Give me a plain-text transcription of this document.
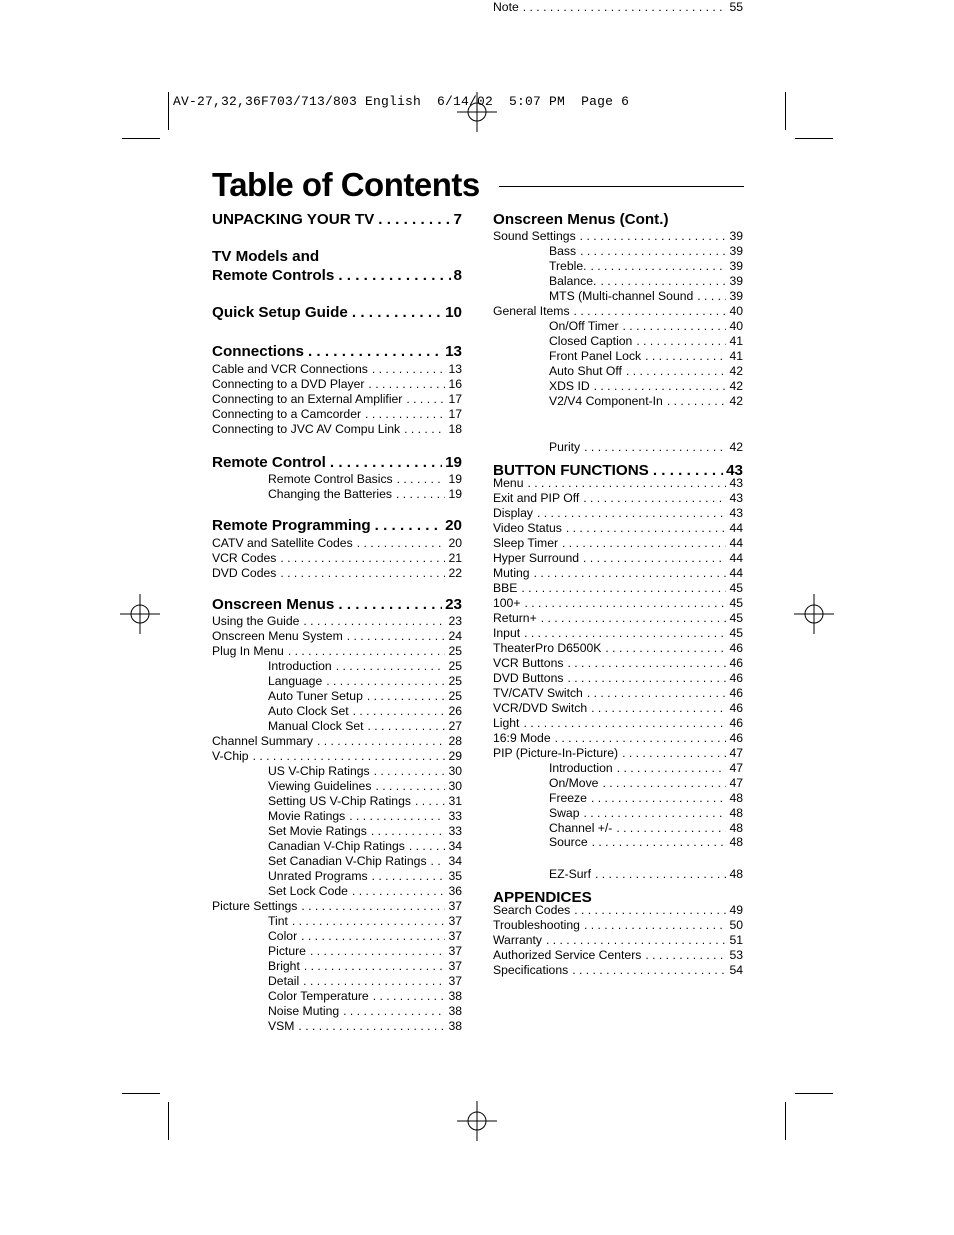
AV-27,32,36F703/713/803 English  6/14/02  5:07 PM  Page 6
Table of Contents
UNPACKING YOUR TV . . .	7
TV Models and
Remote Controls . . .	8
Quick Setup Guide . . .	10
Connections . . .	13
Cable and VCR Connections . . .	13
Connecting to a DVD Player . . .	16
Connecting to an External Amplifier . . .	17
Connecting to a Camcorder . . .	17
Connecting to JVC AV Compu Link . . .	18
Remote Control . . .	19
Remote Control Basics . . .	19
Changing the Batteries . . .	19
Remote Programming . . .	20
CATV and Satellite Codes . . .	20
VCR Codes . . .	21
DVD Codes . . .	22
Onscreen Menus . . .	23
Using the Guide . . .	23
Onscreen Menu System . . .	24
Plug In Menu . . .	25
Introduction . . .	25
Language . . .	25
Auto Tuner Setup . . .	25
Auto Clock Set . . .	26
Manual Clock Set . . .	27
Channel Summary . . .	28
V-Chip . . .	29
US V-Chip Ratings . . .	30
Viewing Guidelines . . .	30
Setting US V-Chip Ratings . . .	31
Movie Ratings . . .	33
Set Movie Ratings . . .	33
Canadian V-Chip Ratings . . .	34
Set Canadian V-Chip Ratings . . . 34
Unrated Programs . . .	35
Set Lock Code . . .	36
Picture Settings . . .	37
Tint . . .	37
Color . . .	37
Picture . . .	37
Bright . . .	37
Detail . . .	37
Color Temperature . . .	38
Noise Muting . . .	38
VSM . . .	38
Onscreen Menus (Cont.)
Sound Settings . . .	39
Bass . . .	39
Treble. . . .	39
Balance. . . .	39
MTS (Multi-channel Sound . . .	39
General Items . . .	40
On/Off Timer . . .	40
Closed Caption . . .	41
Front Panel Lock . . .	41
Auto Shut Off . . .	42
XDS ID . . .	42
V2/V4 Component-In . . .	42
Purity . . .	42
BUTTON FUNCTIONS . . .	43
Menu . . .	43
Exit and PIP Off . . .	43
Display . . .	43
Video Status . . .	44
Sleep Timer . . .	44
Hyper Surround . . .	44
Muting . . .	44
BBE . . .	45
100+ . . .	45
Return+ . . .	45
Input . . .	45
TheaterPro D6500K . . .	46
VCR Buttons . . .	46
DVD Buttons . . .	46
TV/CATV Switch . . .	46
VCR/DVD Switch . . .	46
Light . . .	46
16:9 Mode . . .	46
PIP (Picture-In-Picture) . . .	47
Introduction . . .	47
On/Move . . .	47
Freeze . . .	48
Swap . . .	48
Channel +/- . . .	48
Source . . .	48
EZ-Surf . . .	48
APPENDICES
Search Codes . . .	49
Troubleshooting . . .	50
Warranty . . .	51
Authorized Service Centers . . .	53
Specifications . . .	54
Note . . .	55
